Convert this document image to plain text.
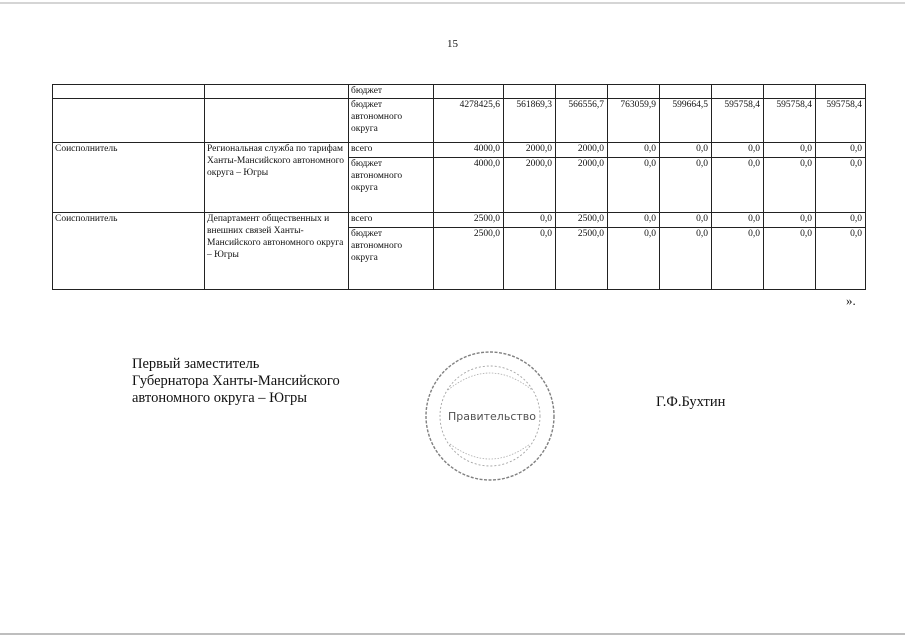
15
		бюджет								
		бюджет автономного округа	4278425,6	561869,3	566556,7	763059,9	599664,5	595758,4	595758,4	595758,4
Соисполнитель	Региональная служба по тарифам Ханты-Мансийского автономного округа – Югры	всего	4000,0	2000,0	2000,0	0,0	0,0	0,0	0,0	0,0
		бюджет автономного округа	4000,0	2000,0	2000,0	0,0	0,0	0,0	0,0	0,0
Соисполнитель	Департамент общественных и внешних связей Ханты-Мансийского автономного округа – Югры	всего	2500,0	0,0	2500,0	0,0	0,0	0,0	0,0	0,0
		бюджет автономного округа	2500,0	0,0	2500,0	0,0	0,0	0,0	0,0	0,0
».
Первый заместитель
Губернатора Ханты-Мансийского
автономного округа – Югры
Правительство
Г.Ф.Бухтин
